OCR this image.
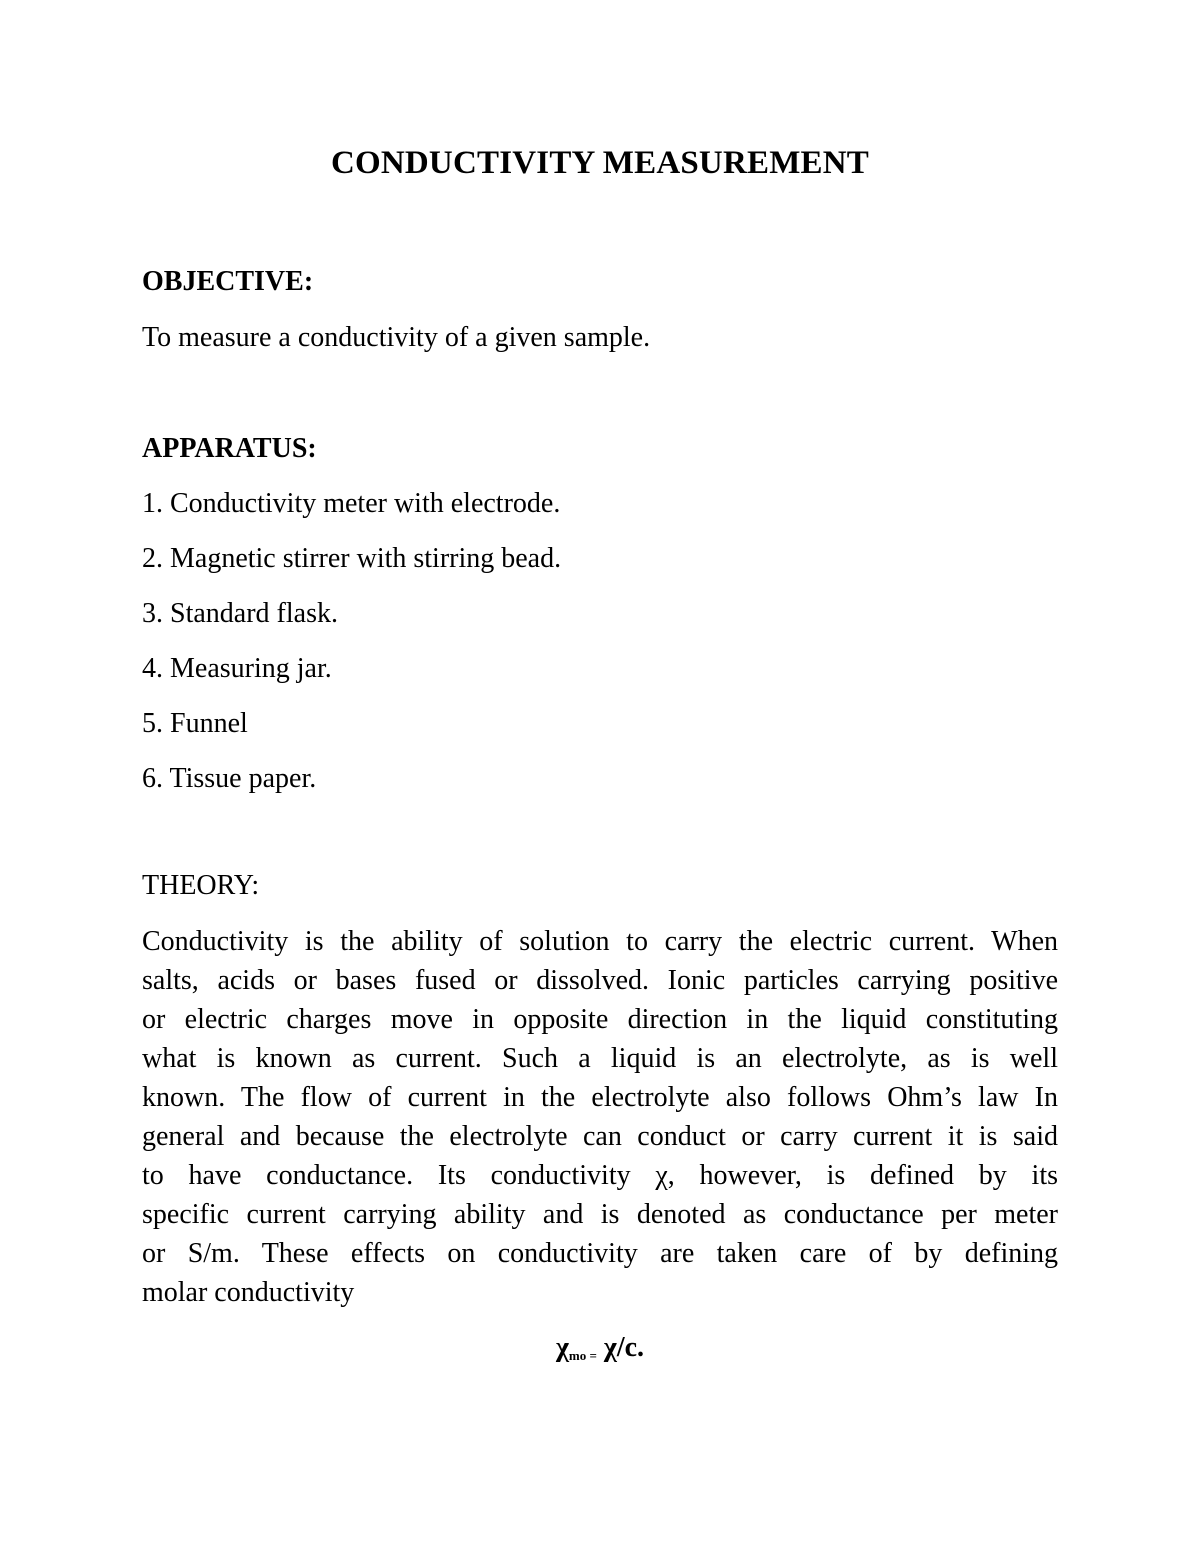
CONDUCTIVITY MEASUREMENT
OBJECTIVE:
To measure a conductivity of a given sample.
APPARATUS:
1. Conductivity meter with electrode.
2. Magnetic stirrer with stirring bead.
3. Standard flask.
4. Measuring jar.
5. Funnel
6. Tissue paper.
THEORY:
Conductivity is the ability of solution to carry the electric current. When
salts, acids or bases fused or dissolved. Ionic particles carrying positive
or electric charges move in opposite direction in the liquid constituting
what is known as current. Such a liquid is an electrolyte, as is well
known. The flow of current in the electrolyte also follows Ohm’s law In
general and because the electrolyte can conduct or carry current it is said
to have conductance. Its conductivity χ, however, is defined by its
specific current carrying ability and is denoted as conductance per meter
or S/m. These effects on conductivity are taken care of by defining
molar conductivity
$\chi_{mo =}$ χ/c.
